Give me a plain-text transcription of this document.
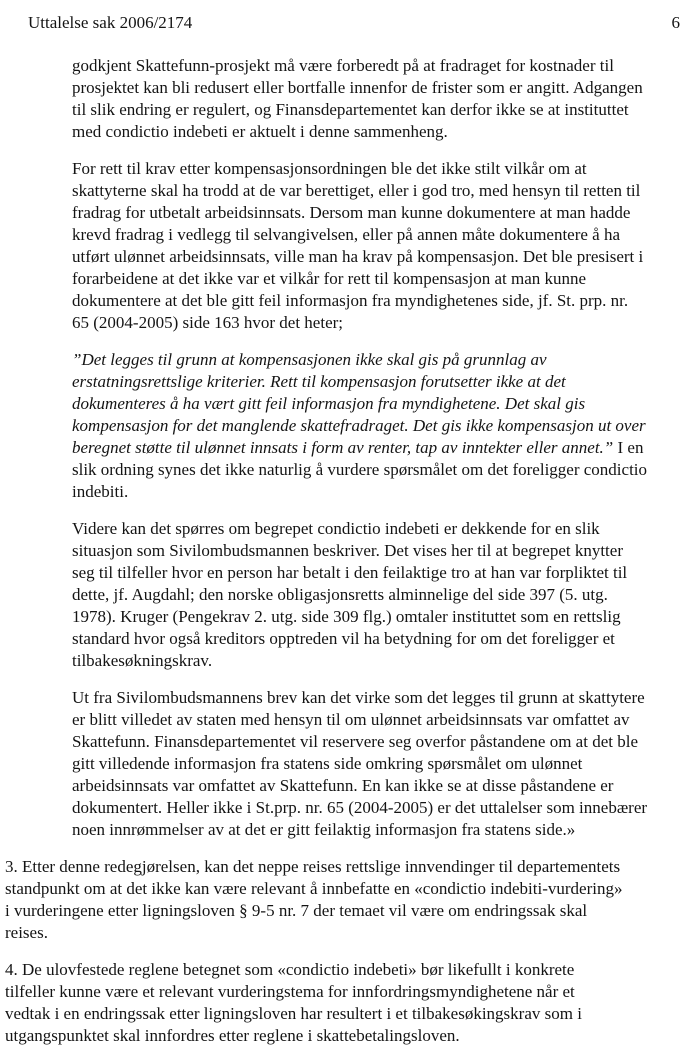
Uttalelse sak 2006/2174	6
godkjent Skattefunn-prosjekt må være forberedt på at fradraget for kostnader til
prosjektet kan bli redusert eller bortfalle innenfor de frister som er angitt. Adgangen
til slik endring er regulert, og Finansdepartementet kan derfor ikke se at instituttet
med condictio indebeti er aktuelt i denne sammenheng.
For rett til krav etter kompensasjonsordningen ble det ikke stilt vilkår om at
skattyterne skal ha trodd at de var berettiget, eller i god tro, med hensyn til retten til
fradrag for utbetalt arbeidsinnsats. Dersom man kunne dokumentere at man hadde
krevd fradrag i vedlegg til selvangivelsen, eller på annen måte dokumentere å ha
utført ulønnet arbeidsinnsats, ville man ha krav på kompensasjon. Det ble presisert i
forarbeidene at det ikke var et vilkår for rett til kompensasjon at man kunne
dokumentere at det ble gitt feil informasjon fra myndighetenes side, jf. St. prp. nr.
65 (2004-2005) side 163 hvor det heter;
”Det legges til grunn at kompensasjonen ikke skal gis på grunnlag av
erstatningsrettslige kriterier. Rett til kompensasjon forutsetter ikke at det
dokumenteres å ha vært gitt feil informasjon fra myndighetene. Det skal gis
kompensasjon for det manglende skattefradraget. Det gis ikke kompensasjon ut over
beregnet støtte til ulønnet innsats i form av renter, tap av inntekter eller annet.” I en
slik ordning synes det ikke naturlig å vurdere spørsmålet om det foreligger condictio
indebiti.
Videre kan det spørres om begrepet condictio indebeti er dekkende for en slik
situasjon som Sivilombudsmannen beskriver. Det vises her til at begrepet knytter
seg til tilfeller hvor en person har betalt i den feilaktige tro at han var forpliktet til
dette, jf. Augdahl; den norske obligasjonsretts alminnelige del side 397 (5. utg.
1978). Kruger (Pengekrav 2. utg. side 309 flg.) omtaler instituttet som en rettslig
standard hvor også kreditors opptreden vil ha betydning for om det foreligger et
tilbakesøkningskrav.
Ut fra Sivilombudsmannens brev kan det virke som det legges til grunn at skattytere
er blitt villedet av staten med hensyn til om ulønnet arbeidsinnsats var omfattet av
Skattefunn. Finansdepartementet vil reservere seg overfor påstandene om at det ble
gitt villedende informasjon fra statens side omkring spørsmålet om ulønnet
arbeidsinnsats var omfattet av Skattefunn. En kan ikke se at disse påstandene er
dokumentert. Heller ikke i St.prp. nr. 65 (2004-2005) er det uttalelser som innebærer
noen innrømmelser av at det er gitt feilaktig informasjon fra statens side.»
3. Etter denne redegjørelsen, kan det neppe reises rettslige innvendinger til departementets
standpunkt om at det ikke kan være relevant å innbefatte en «condictio indebiti-vurdering»
i vurderingene etter ligningsloven § 9-5 nr. 7 der temaet vil være om endringssak skal
reises.
4. De ulovfestede reglene betegnet som «condictio indebeti» bør likefullt i konkrete
tilfeller kunne være et relevant vurderingstema for innfordringsmyndighetene når et
vedtak i en endringssak etter ligningsloven har resultert i et tilbakesøkingskrav som i
utgangspunktet skal innfordres etter reglene i skattebetalingsloven.
